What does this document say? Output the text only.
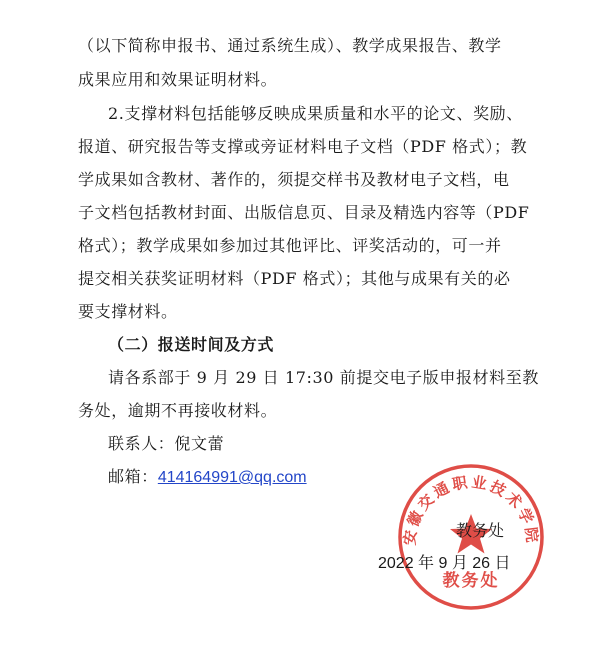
（以下简称申报书、通过系统生成）、教学成果报告、教学
成果应用和效果证明材料。
2.支撑材料包括能够反映成果质量和水平的论文、奖励、
报道、研究报告等支撑或旁证材料电子文档（PDF 格式）；教
学成果如含教材、著作的，须提交样书及教材电子文档，电
子文档包括教材封面、出版信息页、目录及精选内容等（PDF
格式）；教学成果如参加过其他评比、评奖活动的，可一并
提交相关获奖证明材料（PDF 格式）；其他与成果有关的必
要支撑材料。
（二）报送时间及方式
请各系部于 9 月 29 日 17:30 前提交电子版申报材料至教
务处，逾期不再接收材料。
联系人：倪文蕾
邮箱：414164991@qq.com
安徽交通职业技术学院
教务处
教务处
2022 年 9 月 26 日
